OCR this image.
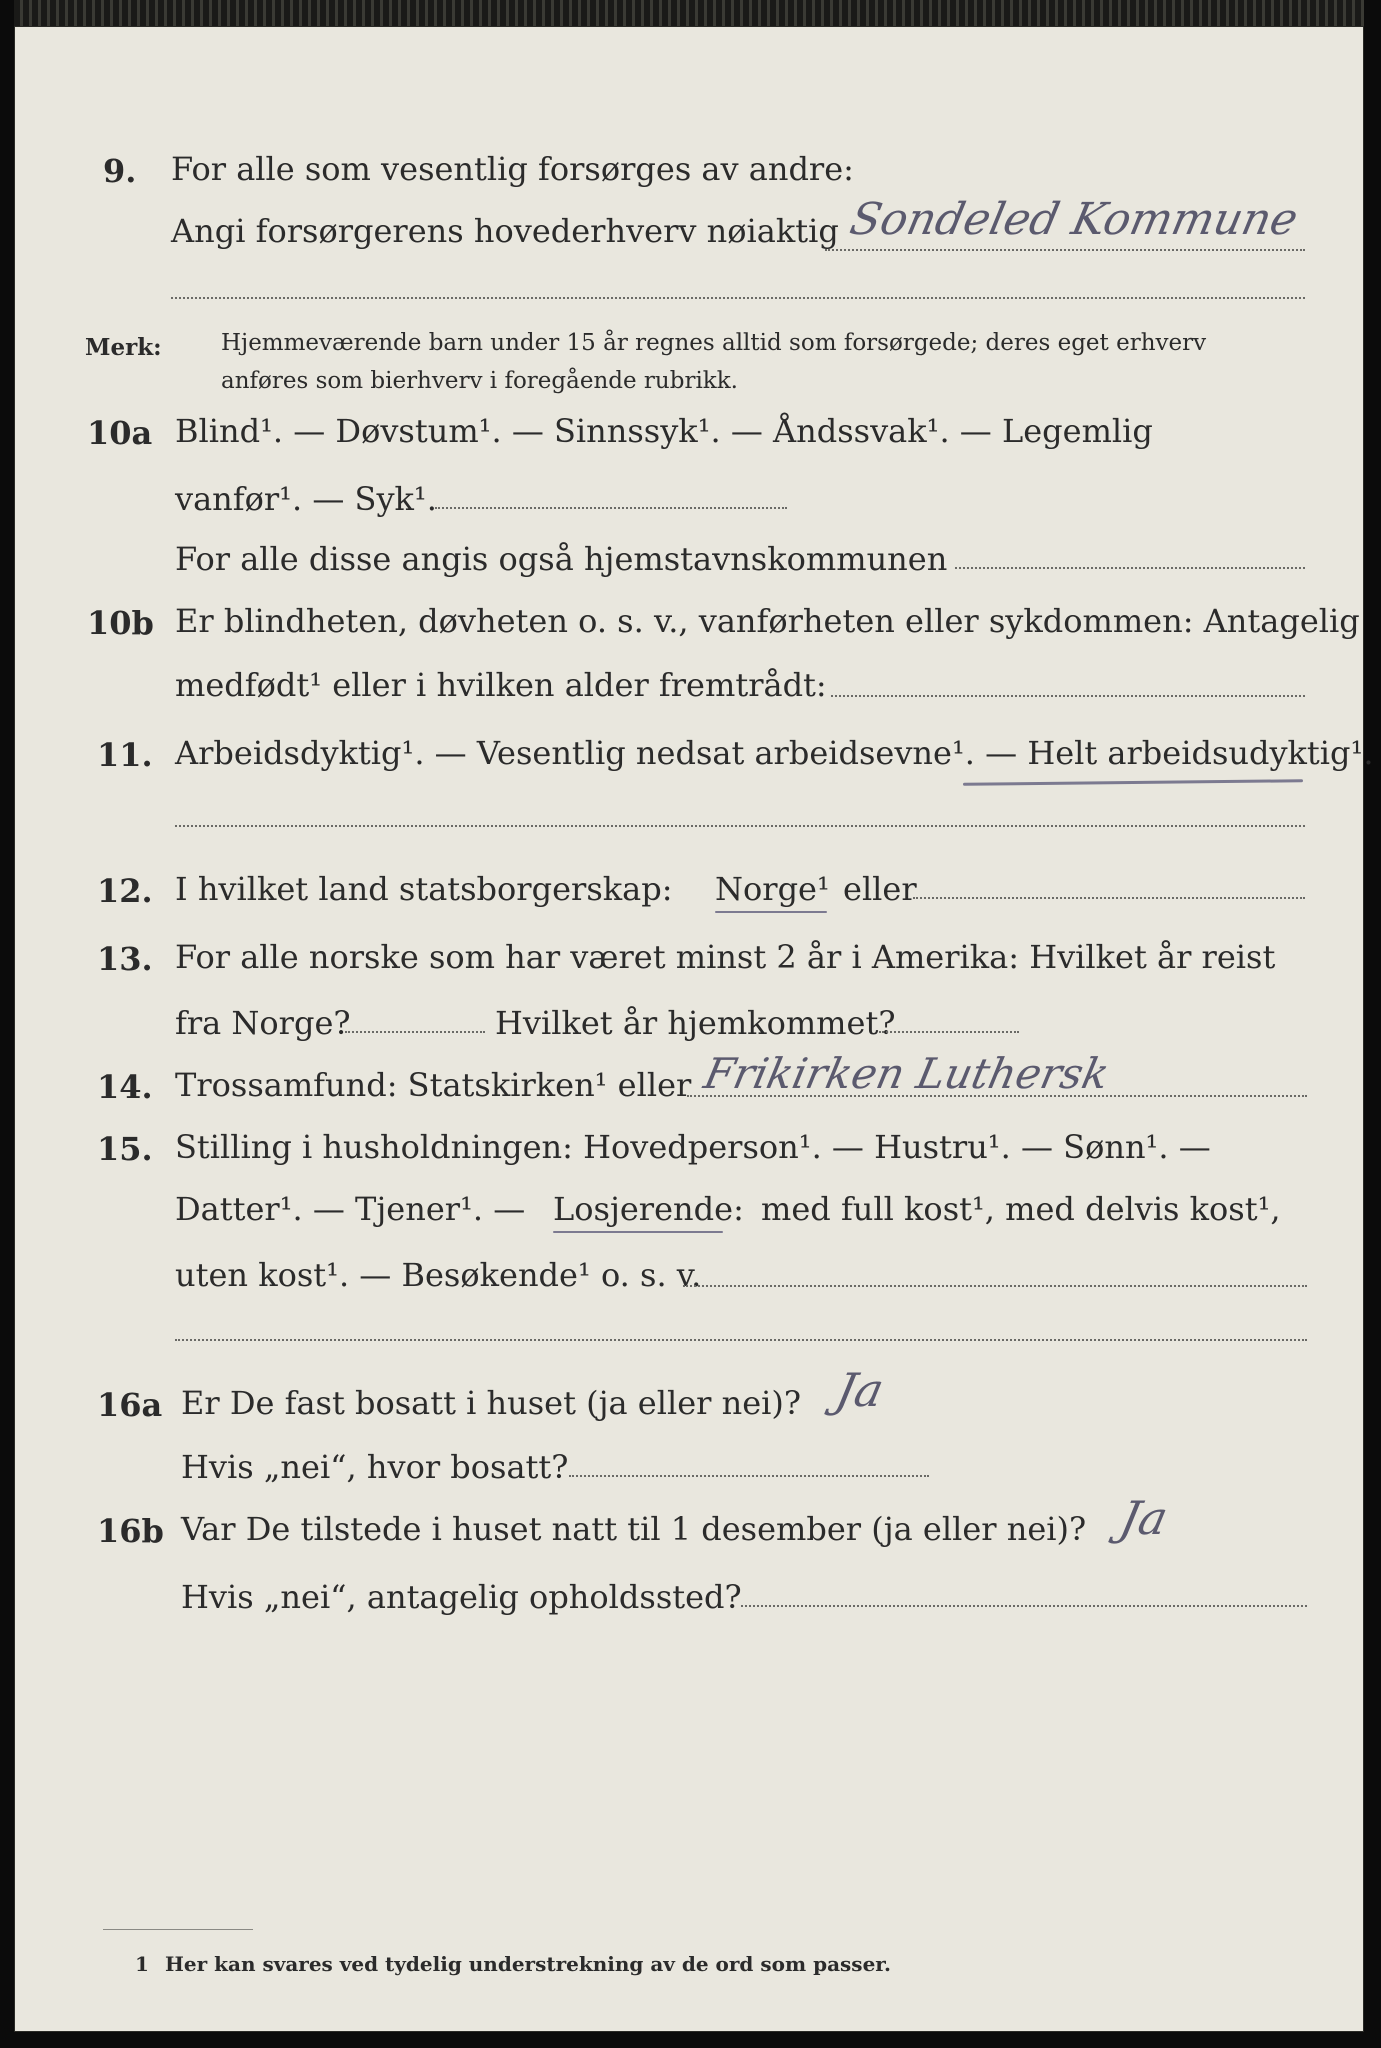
9. For alle som vesentlig forsørges av andre:
Angi forsørgerens hovederhverv nøiaktig Sondeled Kommune
Merk:	Hjemmeværende barn under 15 år regnes alltid som forsørgede; deres eget erhverv
anføres som bierhverv i foregående rubrikk.
10a Blind¹. — Døvstum¹. — Sinnssyk¹. — Åndssvak¹. — Legemlig
vanfør¹. — Syk¹.
For alle disse angis også hjemstavnskommunen
10b Er blindheten, døvheten o. s. v., vanførheten eller sykdommen: Antagelig
medfødt¹ eller i hvilken alder fremtrådt:
11. Arbeidsdyktig¹. — Vesentlig nedsat arbeidsevne¹. — Helt arbeidsudyktig¹.
12. I hvilket land statsborgerskap: Norge¹ eller
13. For alle norske som har været minst 2 år i Amerika: Hvilket år reist
fra Norge?	Hvilket år hjemkommet?
14. Trossamfund: Statskirken¹ eller Frikirken Luthersk
15. Stilling i husholdningen: Hovedperson¹. — Hustru¹. — Sønn¹. —
Datter¹. — Tjener¹. — Losjerende: med full kost¹, med delvis kost¹,
uten kost¹. — Besøkende¹ o. s. v.
16a Er De fast bosatt i huset (ja eller nei)? Ja
Hvis „nei“, hvor bosatt?
16b Var De tilstede i huset natt til 1 desember (ja eller nei)? Ja
Hvis „nei“, antagelig opholdssted?
1 Her kan svares ved tydelig understrekning av de ord som passer.
